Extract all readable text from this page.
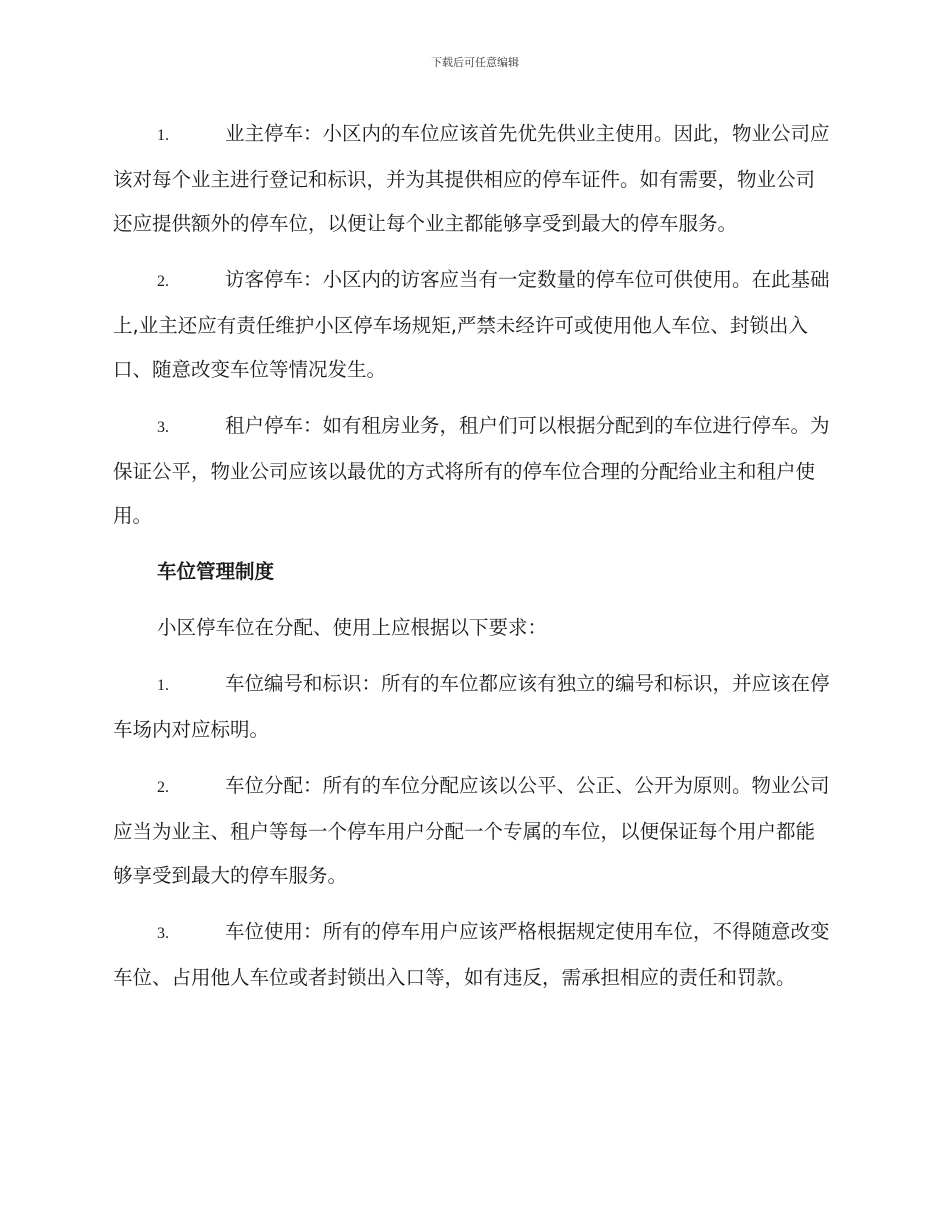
下载后可任意编辑

1.	业主停车：小区内的车位应该首先优先供业主使用。因此，物业公司应该对每个业主进行登记和标识，并为其提供相应的停车证件。如有需要，物业公司还应提供额外的停车位，以便让每个业主都能够享受到最大的停车服务。

2.	访客停车：小区内的访客应当有一定数量的停车位可供使用。在此基础上,业主还应有责任维护小区停车场规矩,严禁未经许可或使用他人车位、封锁出入口、随意改变车位等情况发生。

3.	租户停车：如有租房业务，租户们可以根据分配到的车位进行停车。为保证公平，物业公司应该以最优的方式将所有的停车位合理的分配给业主和租户使用。

车位管理制度

小区停车位在分配、使用上应根据以下要求：

1.	车位编号和标识：所有的车位都应该有独立的编号和标识，并应该在停车场内对应标明。

2.	车位分配：所有的车位分配应该以公平、公正、公开为原则。物业公司应当为业主、租户等每一个停车用户分配一个专属的车位，以便保证每个用户都能够享受到最大的停车服务。

3.	车位使用：所有的停车用户应该严格根据规定使用车位，不得随意改变车位、占用他人车位或者封锁出入口等，如有违反，需承担相应的责任和罚款。
